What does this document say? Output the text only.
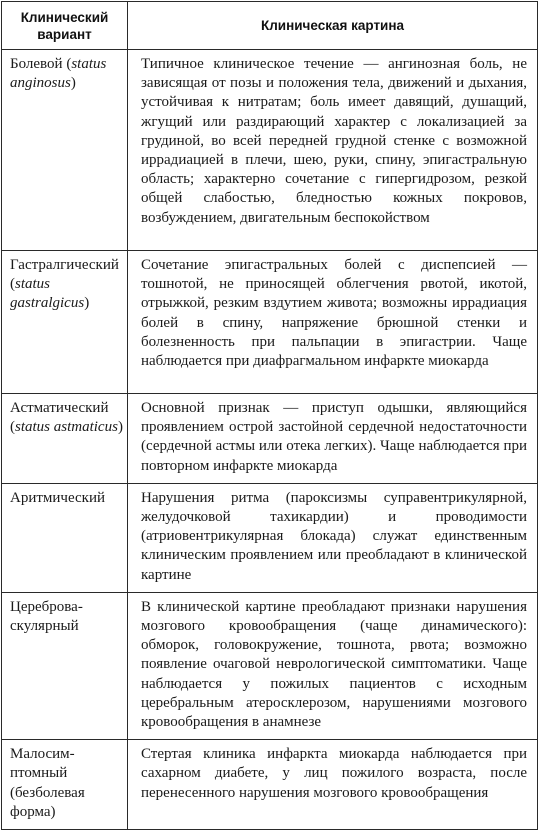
Клинический вариант	Клиническая картина
Болевой (status anginosus)	Типичное клиническое течение — ангинозная боль, не зависящая от позы и положения тела, движений и дыхания, устойчивая к нитратам; боль имеет давящий, душащий, жгущий или раздирающий характер с локализацией за грудиной, во всей передней грудной стенке с возможной иррадиацией в плечи, шею, руки, спину, эпигастральную область; характерно сочетание с гипергидрозом, резкой общей слабостью, бледностью кожных покровов, возбуждением, двигательным беспокойством
Гастралгический (status gastralgicus)	Сочетание эпигастральных болей с диспепсией — тошнотой, не приносящей облегчения рвотой, икотой, отрыжкой, резким вздутием живота; возможны иррадиация болей в спину, напряжение брюшной стенки и болезненность при пальпации в эпигастрии. Чаще наблюдается при диафрагмальном инфаркте миокарда
Астматический (status astmaticus)	Основной признак — приступ одышки, являющийся проявлением острой застойной сердечной недостаточности (сердечной астмы или отека легких). Чаще наблюдается при повторном инфаркте миокарда
Аритмический	Нарушения ритма (пароксизмы суправентрикулярной, желудочковой тахикардии) и проводимости (атриовентрикулярная блокада) служат единственным клиническим проявлением или преобладают в клинической картине
Цереброваскулярный	В клинической картине преобладают признаки нарушения мозгового кровообращения (чаще динамического): обморок, головокружение, тошнота, рвота; возможно появление очаговой неврологической симптоматики. Чаще наблюдается у пожилых пациентов с исходным церебральным атеросклерозом, нарушениями мозгового кровообращения в анамнезе
Малосимптомный (безболевая форма)	Стертая клиника инфаркта миокарда наблюдается при сахарном диабете, у лиц пожилого возраста, после перенесенного нарушения мозгового кровообращения
